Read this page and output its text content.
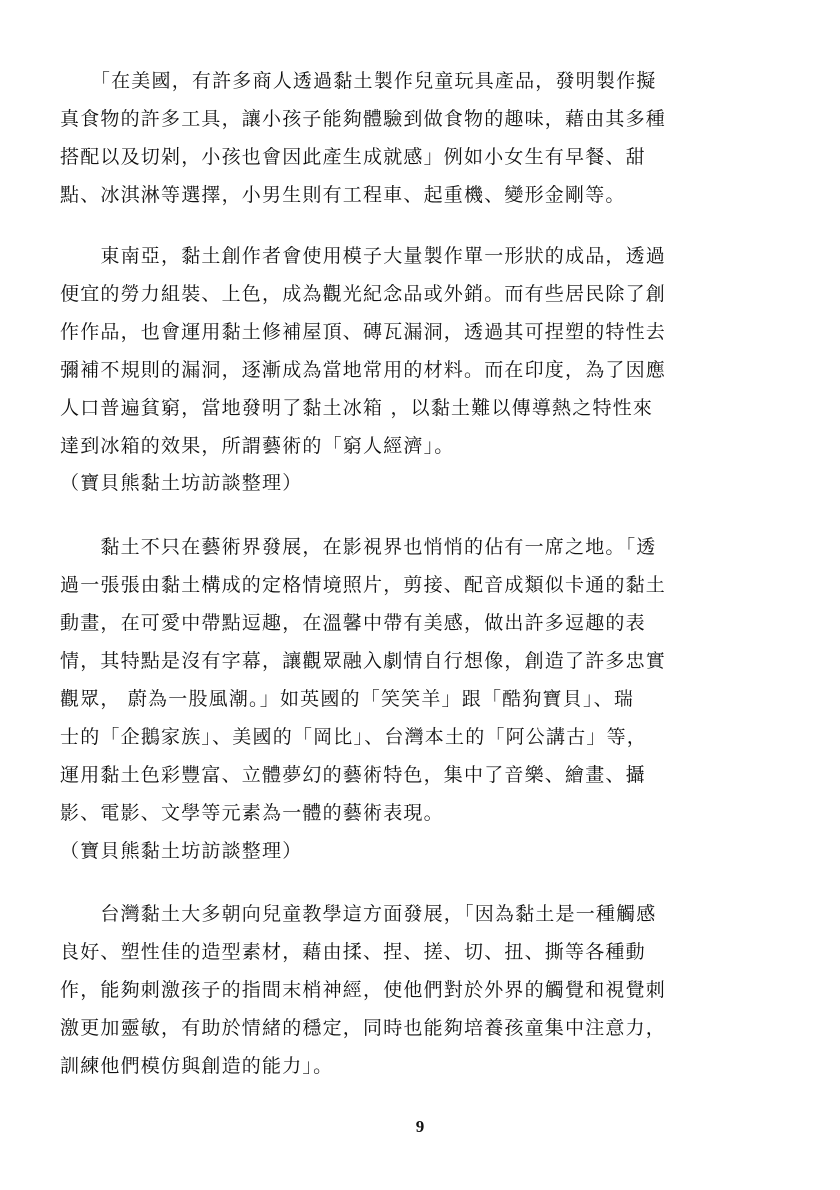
　　「在美國，有許多商人透過黏土製作兒童玩具產品，發明製作擬
真食物的許多工具，讓小孩子能夠體驗到做食物的趣味，藉由其多種
搭配以及切剁，小孩也會因此產生成就感」例如小女生有早餐、甜
點、冰淇淋等選擇，小男生則有工程車、起重機、變形金剛等。
　　東南亞，黏土創作者會使用模子大量製作單一形狀的成品，透過
便宜的勞力組裝、上色，成為觀光紀念品或外銷。而有些居民除了創
作作品，也會運用黏土修補屋頂、磚瓦漏洞，透過其可捏塑的特性去
彌補不規則的漏洞，逐漸成為當地常用的材料。而在印度，為了因應
人口普遍貧窮，當地發明了黏土冰箱 ，以黏土難以傳導熱之特性來
達到冰箱的效果，所謂藝術的「窮人經濟」。
（寶貝熊黏土坊訪談整理）
　　黏土不只在藝術界發展，在影視界也悄悄的佔有一席之地。「透
過一張張由黏土構成的定格情境照片，剪接、配音成類似卡通的黏土
動畫，在可愛中帶點逗趣，在溫馨中帶有美感，做出許多逗趣的表
情，其特點是沒有字幕，讓觀眾融入劇情自行想像，創造了許多忠實
觀眾， 蔚為一股風潮。」如英國的「笑笑羊」跟「酷狗寶貝」、瑞
士的「企鵝家族」、美國的「岡比」、台灣本土的「阿公講古」等，
運用黏土色彩豐富、立體夢幻的藝術特色，集中了音樂、繪畫、攝
影、電影、文學等元素為一體的藝術表現。
（寶貝熊黏土坊訪談整理）
　　台灣黏土大多朝向兒童教學這方面發展，「因為黏土是一種觸感
良好、塑性佳的造型素材，藉由揉、捏、搓、切、扭、撕等各種動
作，能夠刺激孩子的指間末梢神經，使他們對於外界的觸覺和視覺刺
激更加靈敏，有助於情緒的穩定，同時也能夠培養孩童集中注意力，
訓練他們模仿與創造的能力」。
9
